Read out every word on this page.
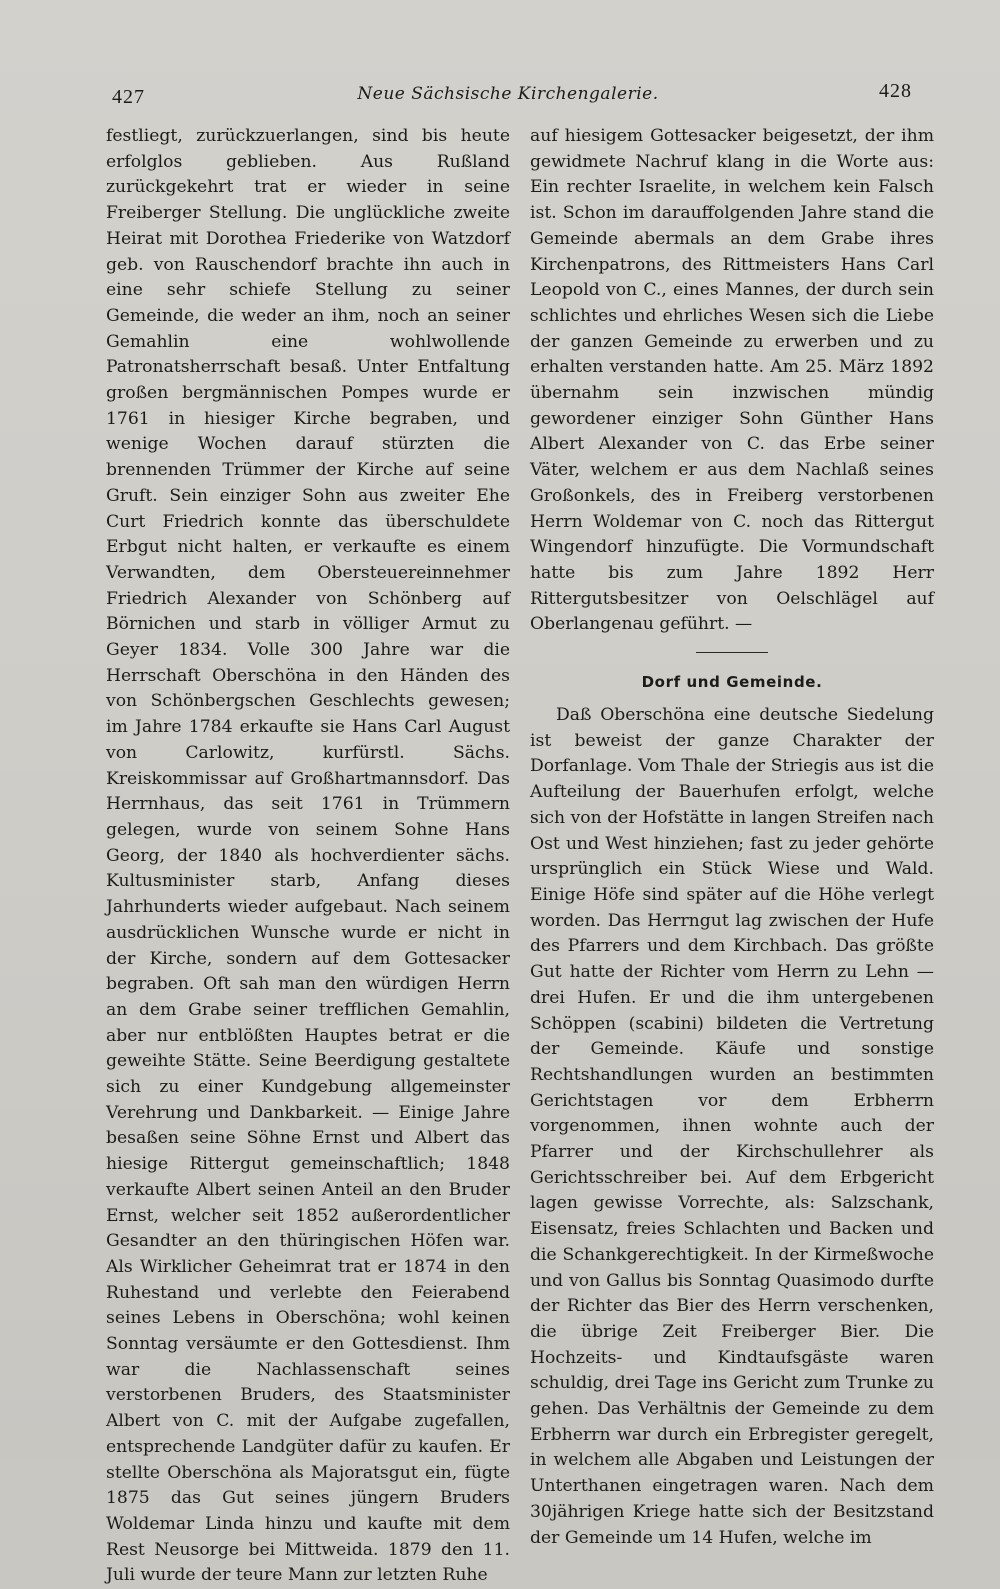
427	Neue Sächsische Kirchengalerie.	428

festliegt, zurückzuerlangen, sind bis heute erfolglos geblieben. Aus Rußland zurückgekehrt trat er wieder in seine Freiberger Stellung. Die unglückliche zweite Heirat mit Dorothea Friederike von Watzdorf geb. von Rauschendorf brachte ihn auch in eine sehr schiefe Stellung zu seiner Gemeinde, die weder an ihm, noch an seiner Gemahlin eine wohlwollende Patronatsherrschaft besaß. Unter Entfaltung großen bergmännischen Pompes wurde er 1761 in hiesiger Kirche begraben, und wenige Wochen darauf stürzten die brennenden Trümmer der Kirche auf seine Gruft. Sein einziger Sohn aus zweiter Ehe Curt Friedrich konnte das überschuldete Erbgut nicht halten, er verkaufte es einem Verwandten, dem Obersteuereinnehmer Friedrich Alexander von Schönberg auf Börnichen und starb in völliger Armut zu Geyer 1834. Volle 300 Jahre war die Herrschaft Oberschöna in den Händen des von Schönbergschen Geschlechts gewesen; im Jahre 1784 erkaufte sie Hans Carl August von Carlowitz, kurfürstl. Sächs. Kreiskommissar auf Großhartmannsdorf. Das Herrnhaus, das seit 1761 in Trümmern gelegen, wurde von seinem Sohne Hans Georg, der 1840 als hochverdienter sächs. Kultusminister starb, Anfang dieses Jahrhunderts wieder aufgebaut. Nach seinem ausdrücklichen Wunsche wurde er nicht in der Kirche, sondern auf dem Gottesacker begraben. Oft sah man den würdigen Herrn an dem Grabe seiner trefflichen Gemahlin, aber nur entblößten Hauptes betrat er die geweihte Stätte. Seine Beerdigung gestaltete sich zu einer Kundgebung allgemeinster Verehrung und Dankbarkeit. — Einige Jahre besaßen seine Söhne Ernst und Albert das hiesige Rittergut gemeinschaftlich; 1848 verkaufte Albert seinen Anteil an den Bruder Ernst, welcher seit 1852 außerordentlicher Gesandter an den thüringischen Höfen war. Als Wirklicher Geheimrat trat er 1874 in den Ruhestand und verlebte den Feierabend seines Lebens in Oberschöna; wohl keinen Sonntag versäumte er den Gottesdienst. Ihm war die Nachlassenschaft seines verstorbenen Bruders, des Staatsminister Albert von C. mit der Aufgabe zugefallen, entsprechende Landgüter dafür zu kaufen. Er stellte Oberschöna als Majoratsgut ein, fügte 1875 das Gut seines jüngern Bruders Woldemar Linda hinzu und kaufte mit dem Rest Neusorge bei Mittweida. 1879 den 11. Juli wurde der teure Mann zur letzten Ruhe

auf hiesigem Gottesacker beigesetzt, der ihm gewidmete Nachruf klang in die Worte aus: Ein rechter Israelite, in welchem kein Falsch ist. Schon im darauffolgenden Jahre stand die Gemeinde abermals an dem Grabe ihres Kirchenpatrons, des Rittmeisters Hans Carl Leopold von C., eines Mannes, der durch sein schlichtes und ehrliches Wesen sich die Liebe der ganzen Gemeinde zu erwerben und zu erhalten verstanden hatte. Am 25. März 1892 übernahm sein inzwischen mündig gewordener einziger Sohn Günther Hans Albert Alexander von C. das Erbe seiner Väter, welchem er aus dem Nachlaß seines Großonkels, des in Freiberg verstorbenen Herrn Woldemar von C. noch das Rittergut Wingendorf hinzufügte. Die Vormundschaft hatte bis zum Jahre 1892 Herr Rittergutsbesitzer von Oelschlägel auf Oberlangenau geführt. —

Dorf und Gemeinde.

Daß Oberschöna eine deutsche Siedelung ist beweist der ganze Charakter der Dorfanlage. Vom Thale der Striegis aus ist die Aufteilung der Bauerhufen erfolgt, welche sich von der Hofstätte in langen Streifen nach Ost und West hinziehen; fast zu jeder gehörte ursprünglich ein Stück Wiese und Wald. Einige Höfe sind später auf die Höhe verlegt worden. Das Herrngut lag zwischen der Hufe des Pfarrers und dem Kirchbach. Das größte Gut hatte der Richter vom Herrn zu Lehn — drei Hufen. Er und die ihm untergebenen Schöppen (scabini) bildeten die Vertretung der Gemeinde. Käufe und sonstige Rechtshandlungen wurden an bestimmten Gerichtstagen vor dem Erbherrn vorgenommen, ihnen wohnte auch der Pfarrer und der Kirchschullehrer als Gerichtsschreiber bei. Auf dem Erbgericht lagen gewisse Vorrechte, als: Salzschank, Eisensatz, freies Schlachten und Backen und die Schankgerechtigkeit. In der Kirmeßwoche und von Gallus bis Sonntag Quasimodo durfte der Richter das Bier des Herrn verschenken, die übrige Zeit Freiberger Bier. Die Hochzeits- und Kindtaufsgäste waren schuldig, drei Tage ins Gericht zum Trunke zu gehen. Das Verhältnis der Gemeinde zu dem Erbherrn war durch ein Erbregister geregelt, in welchem alle Abgaben und Leistungen der Unterthanen eingetragen waren. Nach dem 30jährigen Kriege hatte sich der Besitzstand der Gemeinde um 14 Hufen, welche im
